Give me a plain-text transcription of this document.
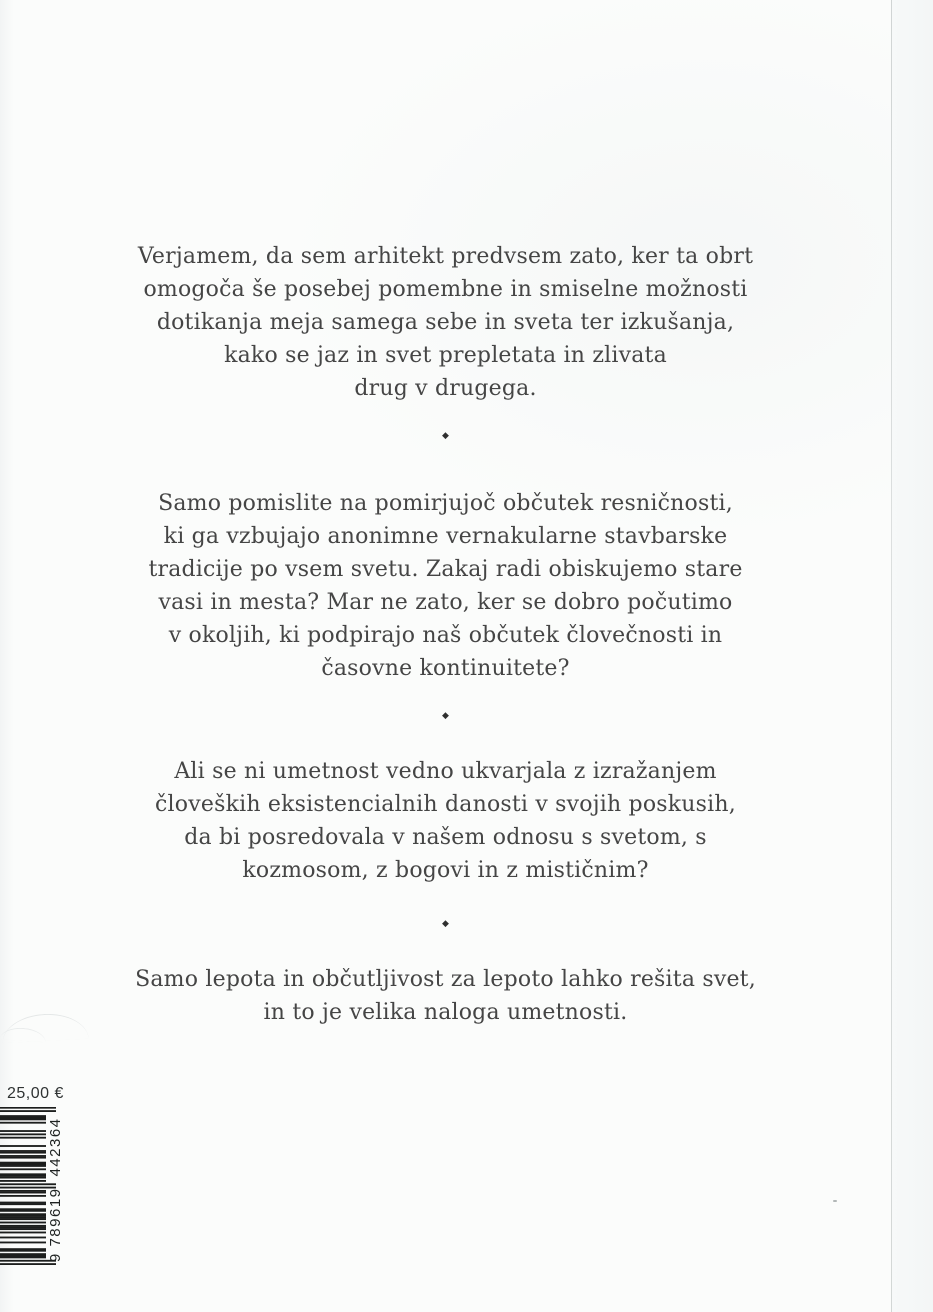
Verjamem, da sem arhitekt predvsem zato, ker ta obrt
omogoča še posebej pomembne in smiselne možnosti
dotikanja meja samega sebe in sveta ter izkušanja,
kako se jaz in svet prepletata in zlivata
drug v drugega.
◆
Samo pomislite na pomirjujoč občutek resničnosti,
ki ga vzbujajo anonimne vernakularne stavbarske
tradicije po vsem svetu. Zakaj radi obiskujemo stare
vasi in mesta? Mar ne zato, ker se dobro počutimo
v okoljih, ki podpirajo naš občutek človečnosti in
časovne kontinuitete?
◆
Ali se ni umetnost vedno ukvarjala z izražanjem
človeških eksistencialnih danosti v svojih poskusih,
da bi posredovala v našem odnosu s svetom, s
kozmosom, z bogovi in z mističnim?
◆
Samo lepota in občutljivost za lepoto lahko rešita svet,
in to je velika naloga umetnosti.
25,00 €
9
789619
442364
